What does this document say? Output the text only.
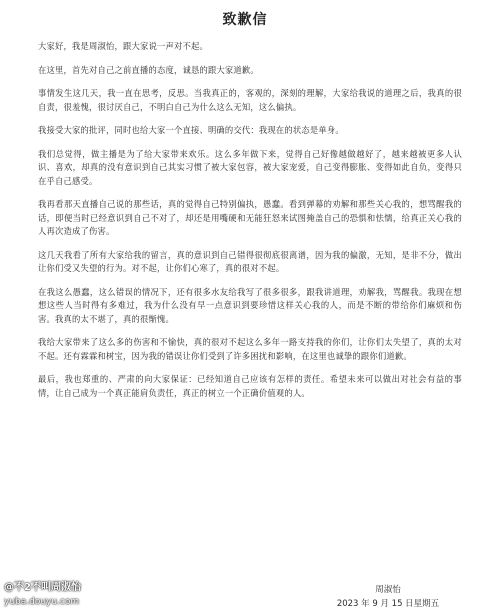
致歉信

大家好，我是周淑怡，跟大家说一声对不起。

在这里，首先对自己之前直播的态度，诚恳的跟大家道歉。

事情发生这几天，我一直在思考，反思。当我真正的，客观的，深刻的理解，大家给我说的道理之后，我真的很自责，很羞愧，很讨厌自己，不明白自己为什么这么无知，这么偏执。

我接受大家的批评，同时也给大家一个直接、明确的交代：我现在的状态是单身。

我们总觉得，做主播是为了给大家带来欢乐。这么多年做下来，觉得自己好像越做越好了，越来越被更多人认识、喜欢，却真的没有意识到自己其实习惯了被大家包容，被大家宠爱，自己变得膨胀、变得如此自负，变得只在乎自己感受。

我再看那天直播自己说的那些话，真的觉得自己特别偏执，愚蠢。看到弹幕的劝解和那些关心我的，想骂醒我的话，即便当时已经意识到自己不对了，却还是用嘴硬和无能狂怒来试图掩盖自己的恐惧和怯懦，给真正关心我的人再次造成了伤害。

这几天我看了所有大家给我的留言，真的意识到自己错得很彻底很离谱，因为我的偏激，无知，是非不分，做出让你们受又失望的行为。对不起，让你们心寒了，真的很对不起。

在我这么愚蠢，这么错误的情况下，还有很多水友给我写了很多很多，跟我讲道理，劝解我，骂醒我。我现在想想这些人当时得有多难过，我为什么没有早一点意识到要珍惜这样关心我的人，而是不断的带给你们麻烦和伤害。我真的太不堪了，真的很惭愧。

我给大家带来了这么多的伤害和不愉快，真的很对不起这么多年一路支持我的你们，让你们太失望了，真的太对不起。还有霖霖和树宝，因为我的错误让你们受到了许多困扰和影响，在这里也诚挚的跟你们道歉。

最后，我也郑重的、严肃的向大家保证：已经知道自己应该有怎样的责任。希望未来可以做出对社会有益的事情，让自己成为一个真正能肩负责任，真正的树立一个正确价值观的人。

周淑怡
2023 年 9 月 15 日星期五
@不2不叫周淑怡
yuba.douyu.com
